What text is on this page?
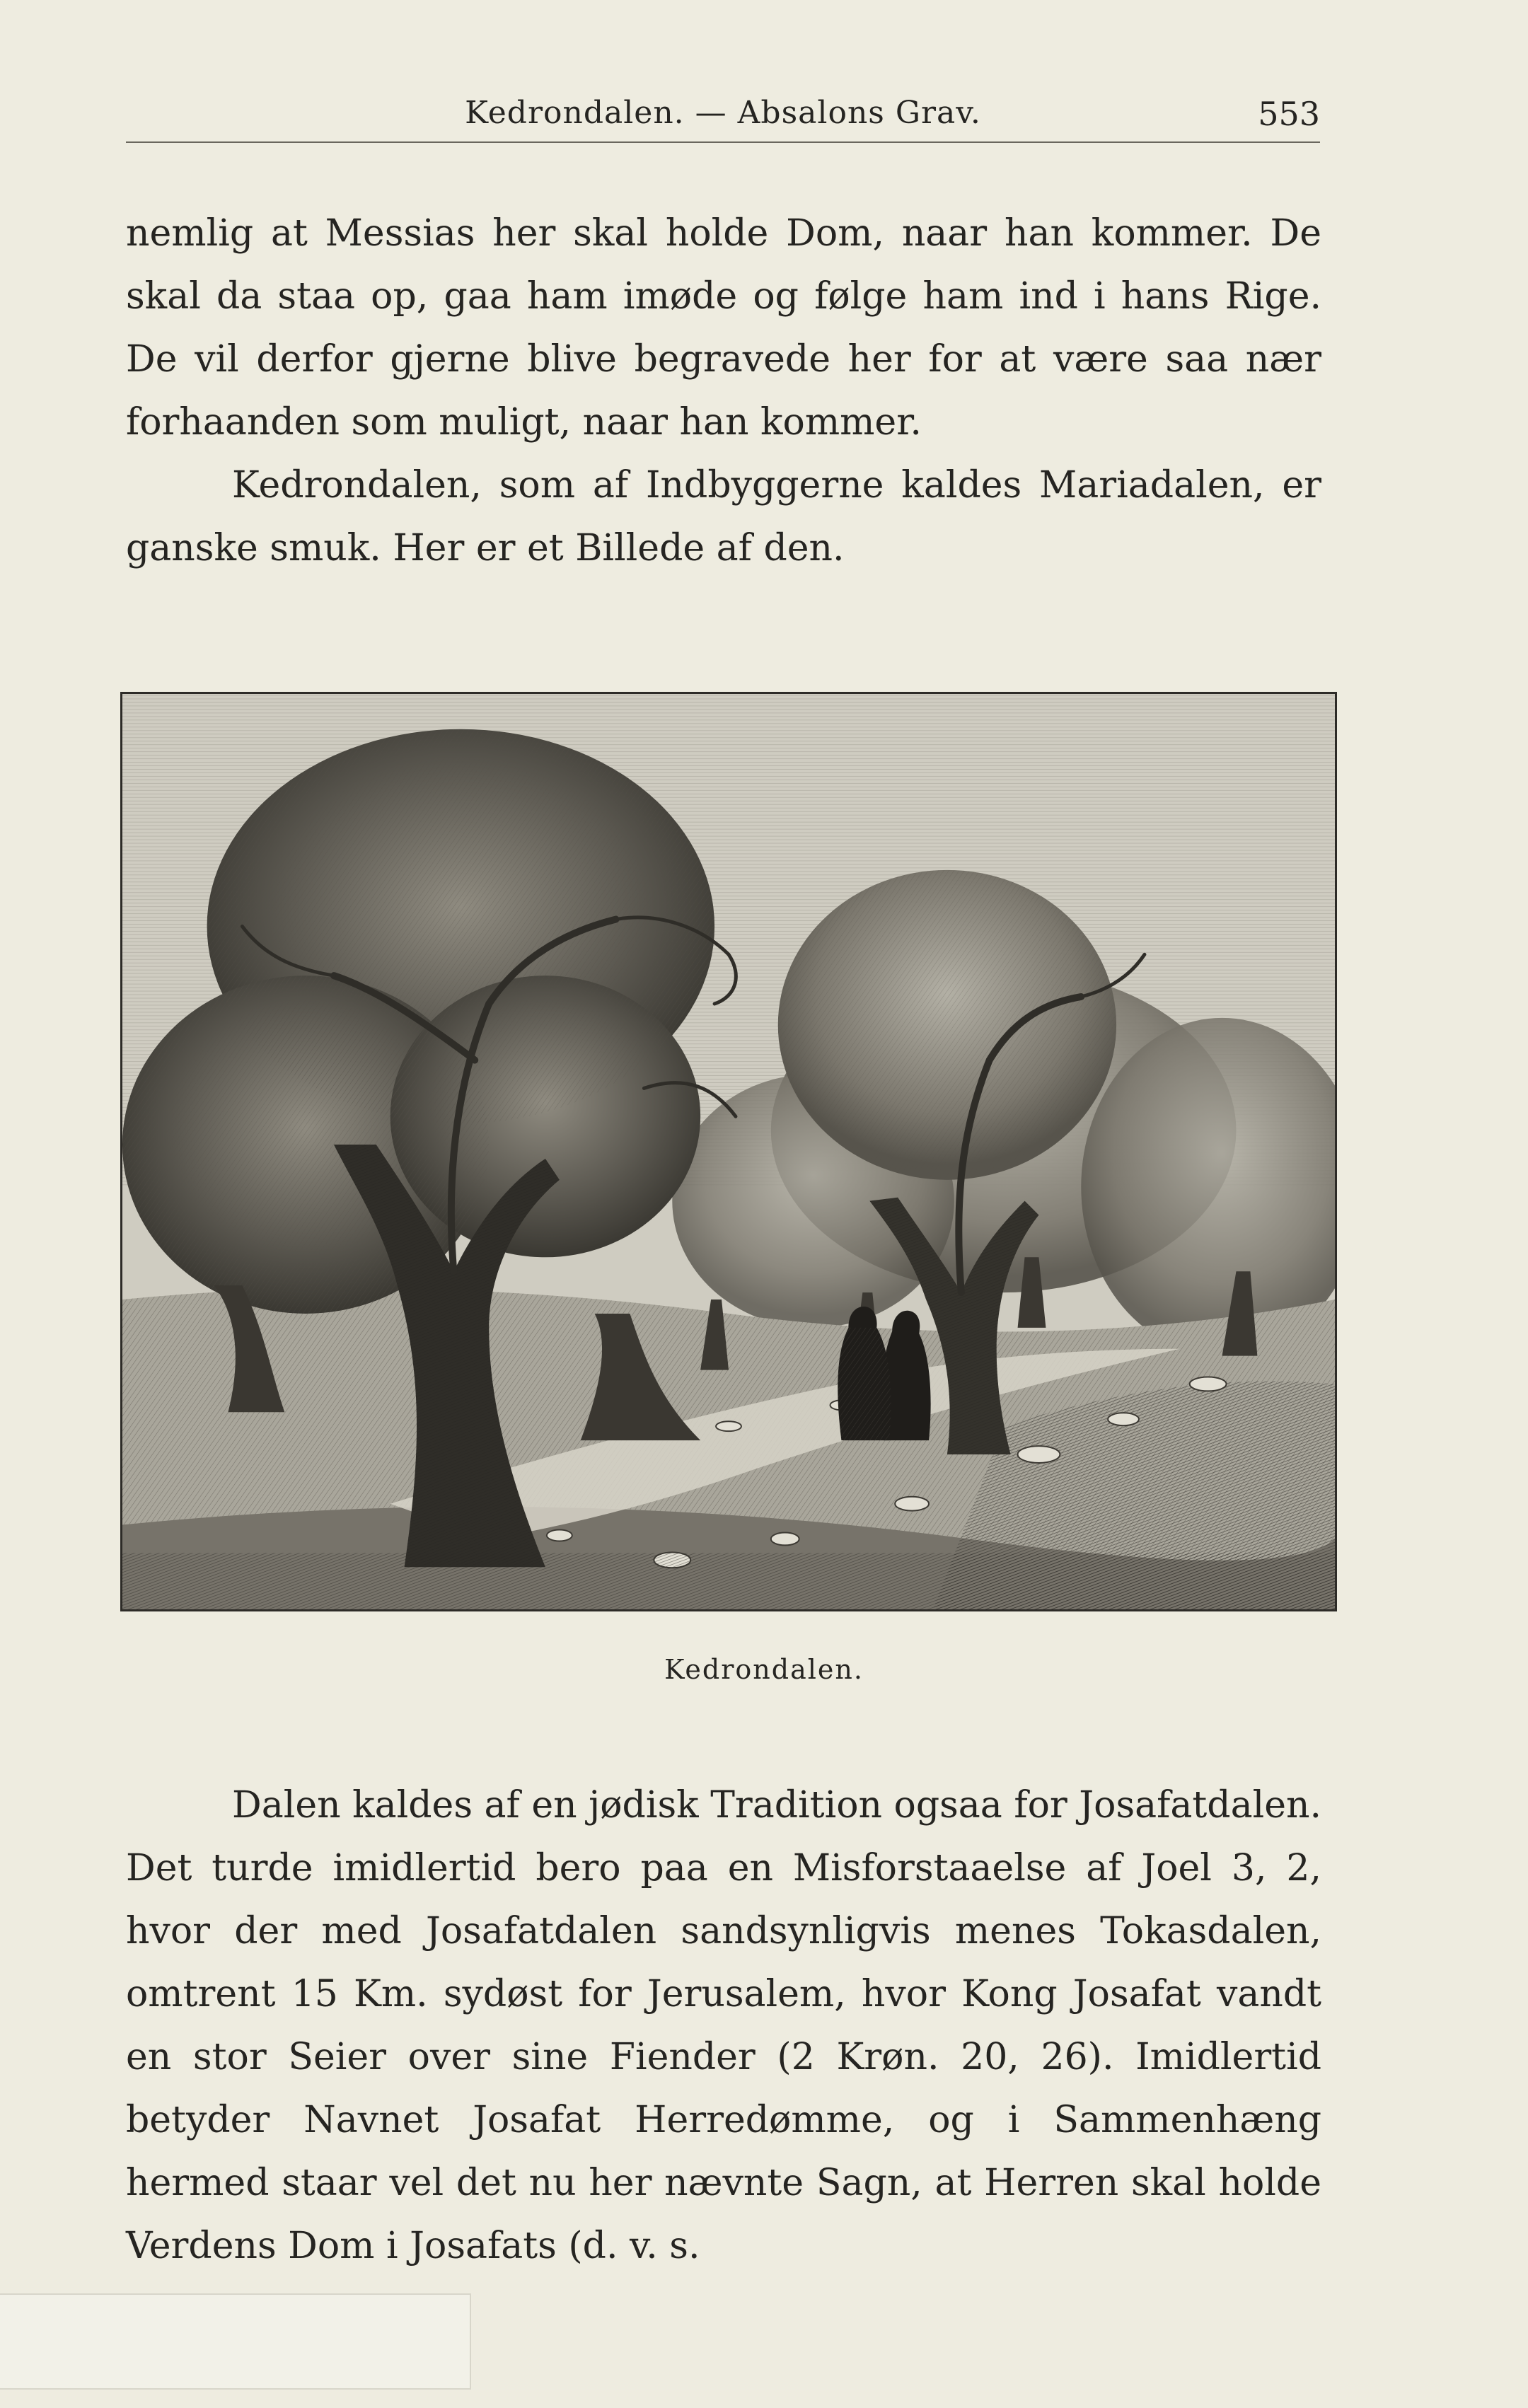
Kedrondalen. — Absalons Grav.	553

nemlig at Messias her skal holde Dom, naar han kommer. De skal da staa op, gaa ham imøde og følge ham ind i hans Rige. De vil derfor gjerne blive begravede her for at være saa nær forhaanden som muligt, naar han kommer.

Kedrondalen, som af Indbyggerne kaldes Mariadalen, er ganske smuk. Her er et Billede af den.

Kedrondalen.

Dalen kaldes af en jødisk Tradition ogsaa for Josafatdalen. Det turde imidlertid bero paa en Misforstaaelse af Joel 3, 2, hvor der med Josafatdalen sandsynligvis menes Tokasdalen, omtrent 15 Km. sydøst for Jerusalem, hvor Kong Josafat vandt en stor Seier over sine Fiender (2 Krøn. 20, 26). Imidlertid betyder Navnet Josafat Herredømme, og i Sammenhæng hermed staar vel det nu her nævnte Sagn, at Herren skal holde Verdens Dom i Josafats (d. v. s.
